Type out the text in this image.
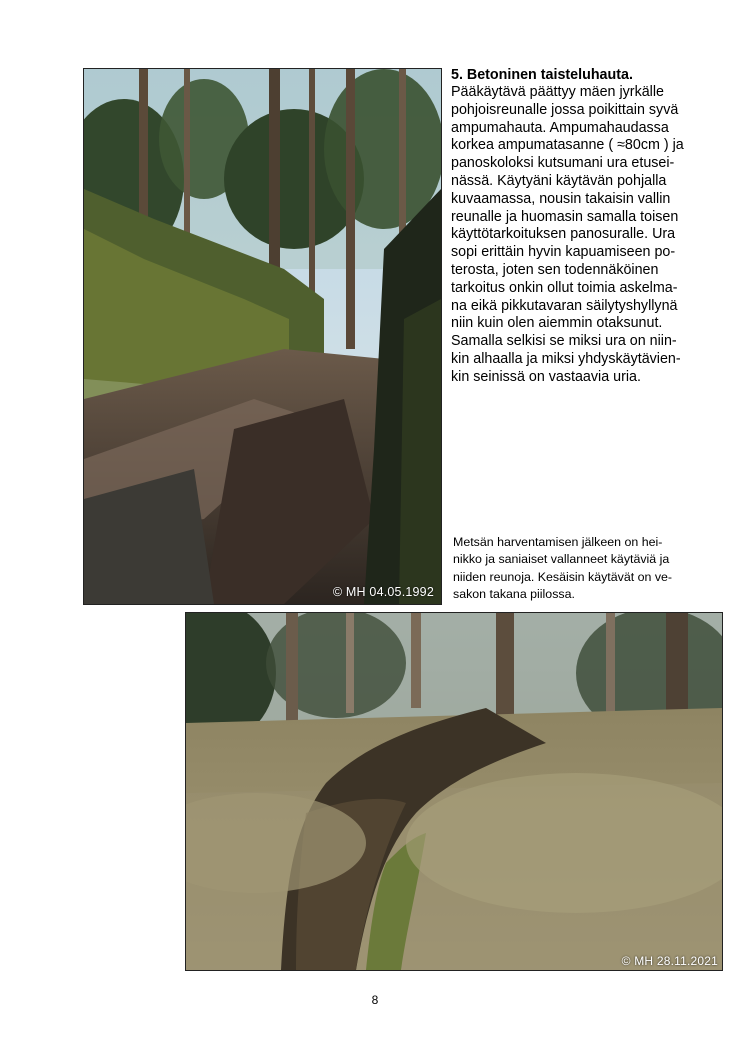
© MH 04.05.1992
5. Betoninen taisteluhauta.
Pääkäytävä päättyy mäen jyrkälle
pohjoisreunalle jossa poikittain syvä
ampumahauta. Ampumahaudassa
korkea ampumatasanne ( ≈80cm ) ja
panoskoloksi kutsumani ura etusei-
nässä. Käytyäni käytävän pohjalla
kuvaamassa, nousin takaisin vallin
reunalle ja huomasin samalla toisen
käyttötarkoituksen panosuralle. Ura
sopi erittäin hyvin kapuamiseen po-
terosta, joten sen todennäköinen
tarkoitus onkin ollut toimia askelma-
na eikä pikkutavaran säilytyshyllynä
niin kuin olen aiemmin otaksunut.
Samalla selkisi se miksi ura on niin-
kin alhaalla ja miksi yhdyskäytävien-
kin seinissä on vastaavia uria.
Metsän harventamisen jälkeen on hei-
nikko ja saniaiset vallanneet käytäviä ja
niiden reunoja. Kesäisin käytävät on ve-
sakon takana piilossa.
© MH 28.11.2021
8
